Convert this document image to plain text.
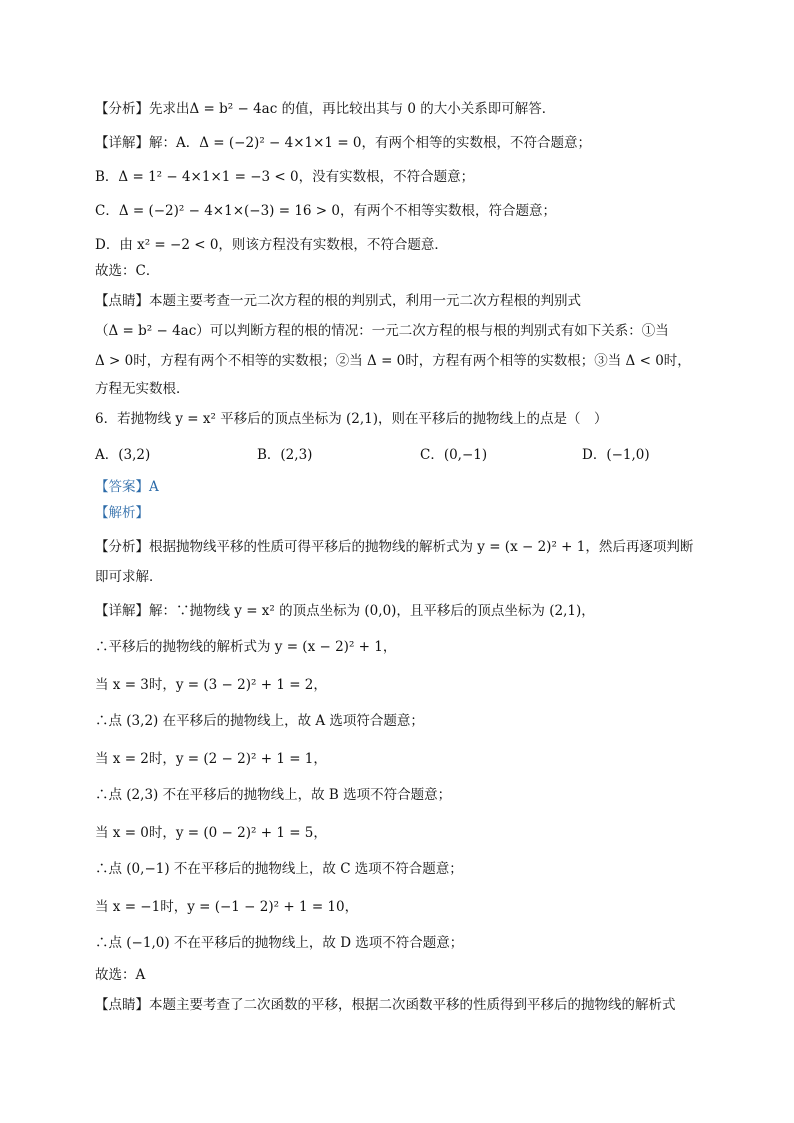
【分析】先求出Δ = b² − 4ac 的值，再比较出其与 0 的大小关系即可解答．
【详解】解：A．Δ = (−2)² − 4×1×1 = 0，有两个相等的实数根，不符合题意；
B．Δ = 1² − 4×1×1 = −3 < 0，没有实数根，不符合题意；
C．Δ = (−2)² − 4×1×(−3) = 16 > 0，有两个不相等实数根，符合题意；
D．由 x² = −2 < 0，则该方程没有实数根，不符合题意．
故选：C．
【点睛】本题主要考查一元二次方程的根的判别式，利用一元二次方程根的判别式
（Δ = b² − 4ac）可以判断方程的根的情况：一元二次方程的根与根的判别式有如下关系：①当
Δ > 0时，方程有两个不相等的实数根；②当 Δ = 0时，方程有两个相等的实数根；③当 Δ < 0时，
方程无实数根．
6．若抛物线 y = x² 平移后的顶点坐标为 (2,1)，则在平移后的抛物线上的点是（　）
A．(3,2)	B．(2,3)	C．(0,−1)	D．(−1,0)
【答案】A
【解析】
【分析】根据抛物线平移的性质可得平移后的抛物线的解析式为 y = (x − 2)² + 1，然后再逐项判断
即可求解．
【详解】解：∵抛物线 y = x² 的顶点坐标为 (0,0)，且平移后的顶点坐标为 (2,1)，
∴平移后的抛物线的解析式为 y = (x − 2)² + 1，
当 x = 3时，y = (3 − 2)² + 1 = 2，
∴点 (3,2) 在平移后的抛物线上，故 A 选项符合题意；
当 x = 2时，y = (2 − 2)² + 1 = 1，
∴点 (2,3) 不在平移后的抛物线上，故 B 选项不符合题意；
当 x = 0时，y = (0 − 2)² + 1 = 5，
∴点 (0,−1) 不在平移后的抛物线上，故 C 选项不符合题意；
当 x = −1时，y = (−1 − 2)² + 1 = 10，
∴点 (−1,0) 不在平移后的抛物线上，故 D 选项不符合题意；
故选：A
【点睛】本题主要考查了二次函数的平移，根据二次函数平移的性质得到平移后的抛物线的解析式
